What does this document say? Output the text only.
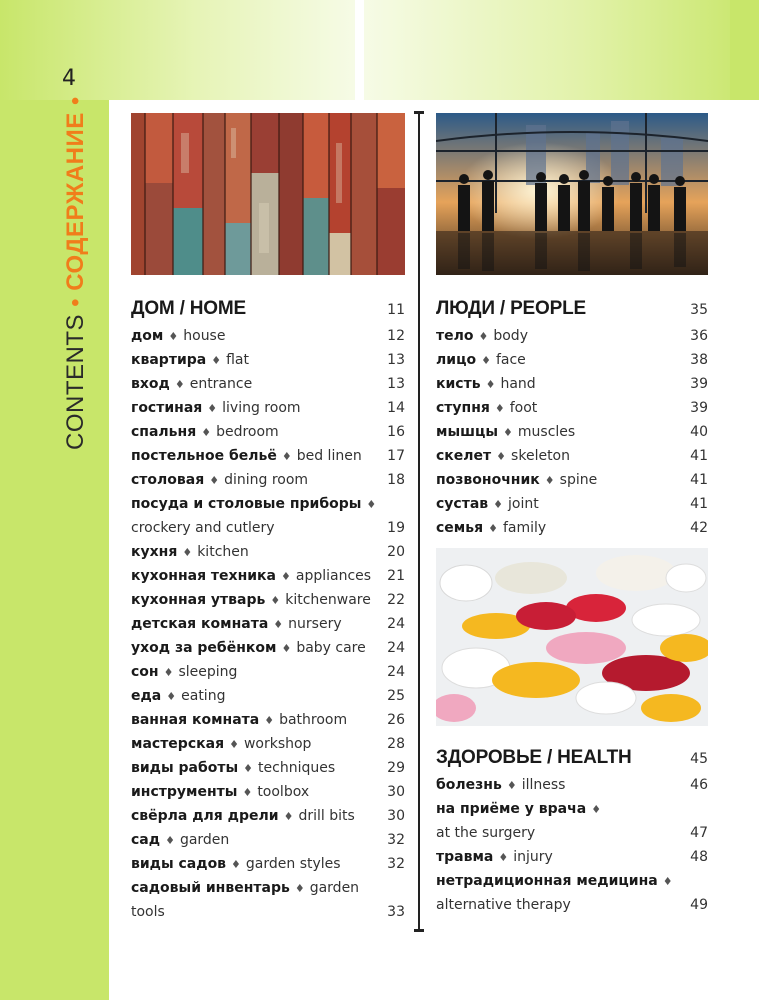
4
CONTENTS • СОДЕРЖАНИЕ •
ДОМ / HOME	11
дом ♦ house	12
квартира ♦ flat	13
вход ♦ entrance	13
гостиная ♦ living room	14
спальня ♦ bedroom	16
постельное бельё ♦ bed linen 17
столовая ♦ dining room	18
посуда и столовые приборы ♦
crockery and cutlery	19
кухня ♦ kitchen	20
кухонная техника ♦ appliances 21
кухонная утварь ♦ kitchenware 22
детская комната ♦ nursery	24
уход за ребёнком ♦ baby care 24
сон ♦ sleeping	24
еда ♦ eating	25
ванная комната ♦ bathroom	26
мастерская ♦ workshop	28
виды работы ♦ techniques	29
инструменты ♦ toolbox	30
свёрла для дрели ♦ drill bits 30
сад ♦ garden	32
виды садов ♦ garden styles	32
садовый инвентарь ♦ garden
tools	33
ЛЮДИ / PEOPLE	35
тело ♦ body	36
лицо ♦ face	38
кисть ♦ hand	39
ступня ♦ foot	39
мышцы ♦ muscles	40
скелет ♦ skeleton	41
позвоночник ♦ spine	41
сустав ♦ joint	41
семья ♦ family	42
ЗДОРОВЬЕ / HEALTH	45
болезнь ♦ illness	46
на приёме у врача ♦
at the surgery	47
травма ♦ injury	48
нетрадиционная медицина ♦
alternative therapy	49
